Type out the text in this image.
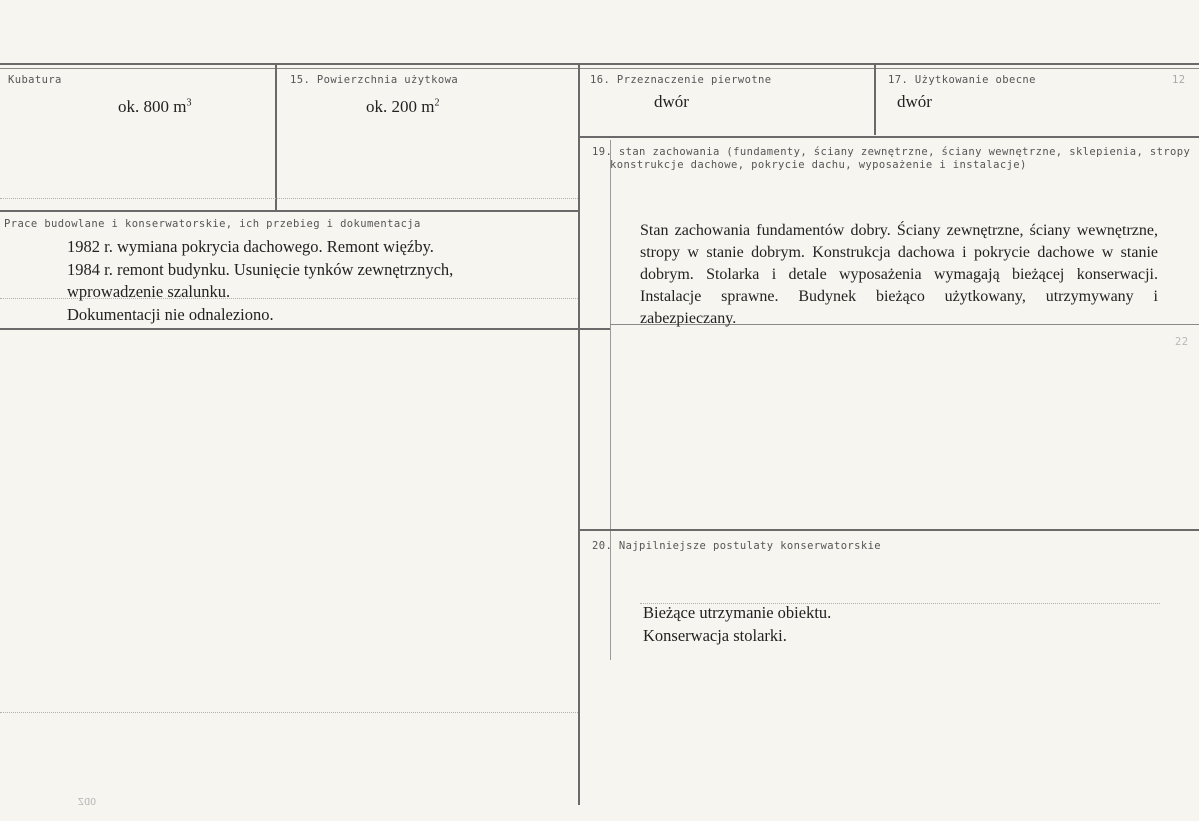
Kubatura
ok. 800 $m^3$
15. Powierzchnia użytkowa
ok. 200 $m^2$
16. Przeznaczenie pierwotne
dwór
17. Użytkowanie obecne
dwór
12
19. stan zachowania (fundamenty, ściany zewnętrzne, ściany wewnętrzne, sklepienia, stropy
konstrukcje dachowe, pokrycie dachu, wyposażenie i instalacje)
Stan zachowania fundamentów dobry. Ściany zewnętrzne, ściany wewnętrzne, stropy w stanie dobrym. Konstrukcja dachowa i pokrycie dachowe w stanie dobrym. Stolarka i detale wyposażenia wymagają bieżącej konserwacji. Instalacje sprawne. Budynek bieżąco użytkowany, utrzymywany i zabezpieczany.
22
Prace budowlane i konserwatorskie, ich przebieg i dokumentacja
1982 r. wymiana pokrycia dachowego. Remont więźby.
1984 r. remont budynku. Usunięcie tynków zewnętrznych,
wprowadzenie szalunku.
Dokumentacji nie odnaleziono.
20. Najpilniejsze postulaty konserwatorskie
Bieżące utrzymanie obiektu.
Konserwacja stolarki.
ODZ
